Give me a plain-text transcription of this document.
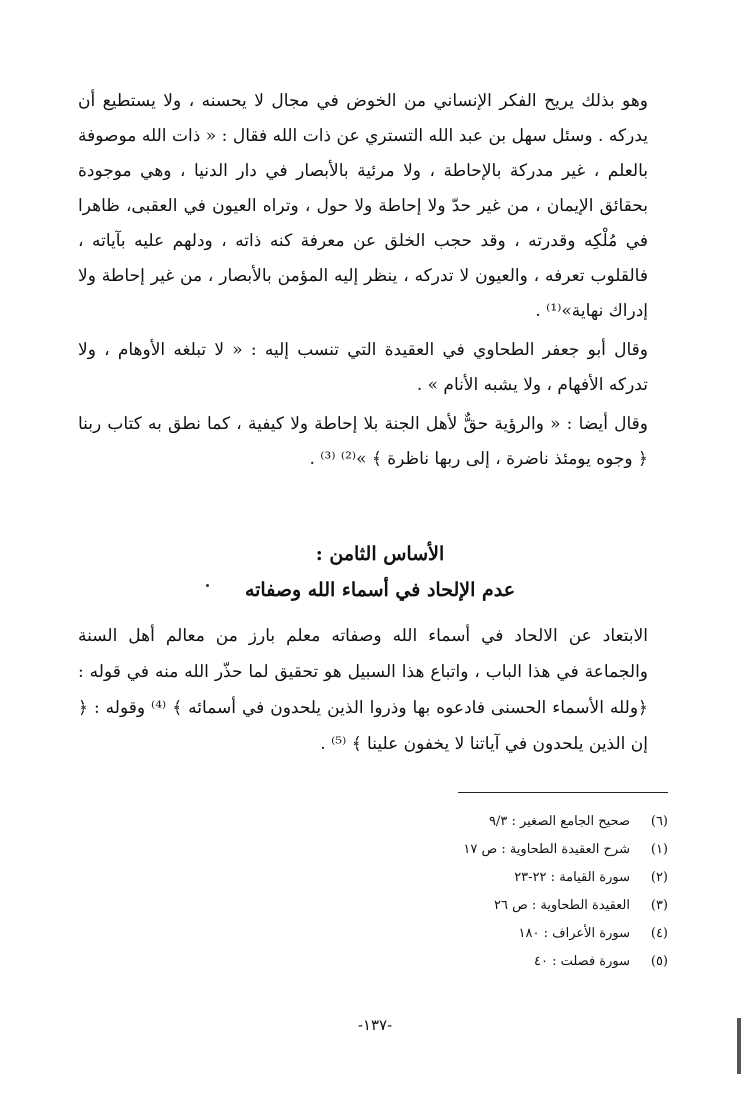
وهو بذلك يريح الفكر الإنساني من الخوض في مجال لا يحسنه ، ولا يستطيع أن يدركه . وسئل سهل بن عبد الله التستري عن ذات الله فقال : « ذات الله موصوفة بالعلم ، غير مدركة بالإحاطة ، ولا مرئية بالأبصار في دار الدنيا ، وهي موجودة بحقائق الإيمان ، من غير حدّ ولا إحاطة ولا حول ، وتراه العيون في العقبى، ظاهرا في مُلْكِه وقدرته ، وقد حجب الخلق عن معرفة كنه ذاته ، ودلهم عليه بآياته ، فالقلوب تعرفه ، والعيون لا تدركه ، ينظر إليه المؤمن بالأبصار ، من غير إحاطة ولا إدراك نهاية»⁽¹⁾ .

وقال أبو جعفر الطحاوي في العقيدة التي تنسب إليه : « لا تبلغه الأوهام ، ولا تدركه الأفهام ، ولا يشبه الأنام » .

وقال أيضا : « والرؤية حقٌّ لأهل الجنة بلا إحاطة ولا كيفية ، كما نطق به كتاب ربنا ﴿ وجوه يومئذ ناضرة ، إلى ربها ناظرة ﴾ »⁽²⁾ ⁽³⁾ .

الأساس الثامن :
عدم الإلحاد في أسماء الله وصفاته

الابتعاد عن الالحاد في أسماء الله وصفاته معلم بارز من معالم أهل السنة والجماعة في هذا الباب ، واتباع هذا السبيل هو تحقيق لما حذّر الله منه في قوله : ﴿ولله الأسماء الحسنى فادعوه بها وذروا الذين يلحدون في أسمائه ﴾ ⁽⁴⁾ وقوله : ﴿ إن الذين يلحدون في آياتنا لا يخفون علينا ﴾ ⁽⁵⁾ .

(٦)صحيح الجامع الصغير : ٩/٣
(١)شرح العقيدة الطحاوية : ص ١٧
(٢)سورة القيامة : ٢٢-٢٣
(٣)العقيدة الطحاوية : ص ٢٦
(٤)سورة الأعراف : ١٨٠
(٥)سورة فصلت : ٤٠
-١٣٧-
